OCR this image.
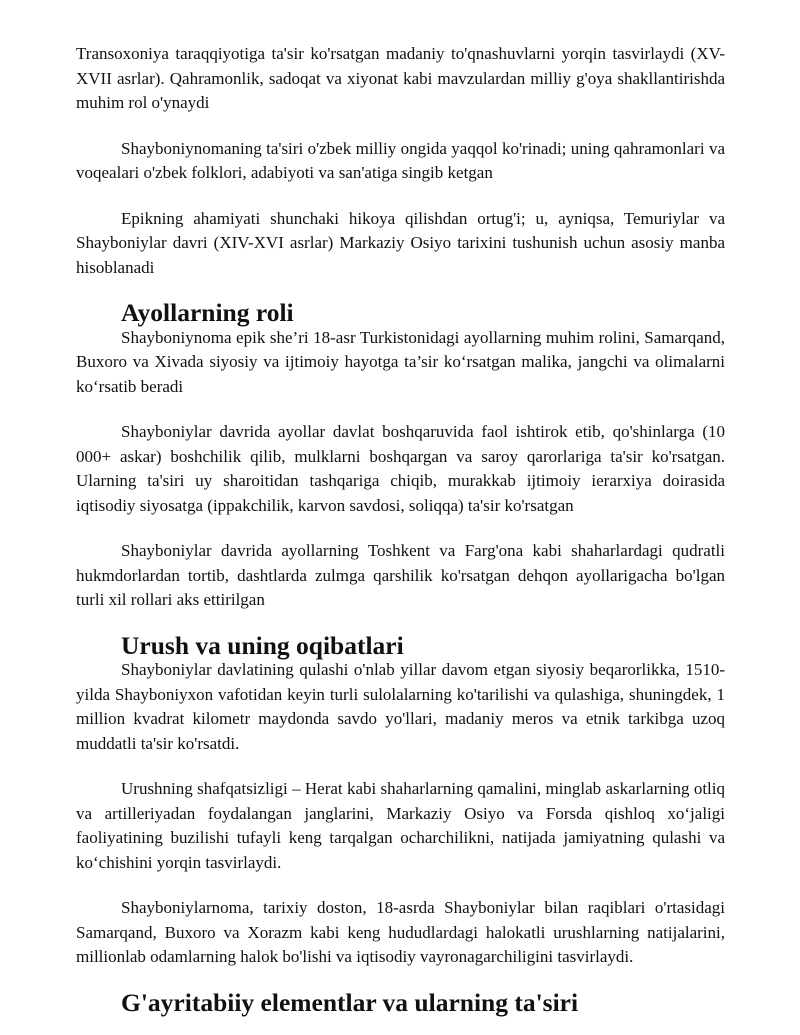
Transoxoniya taraqqiyotiga ta'sir ko'rsatgan madaniy to'qnashuvlarni yorqin tasvirlaydi (XV-XVII asrlar). Qahramonlik, sadoqat va xiyonat kabi mavzulardan milliy g'oya shakllantirishda muhim rol o'ynaydi

Shayboniynomaning ta'siri o'zbek milliy ongida yaqqol ko'rinadi; uning qahramonlari va voqealari o'zbek folklori, adabiyoti va san'atiga singib ketgan

Epikning ahamiyati shunchaki hikoya qilishdan ortug'i; u, ayniqsa, Temuriylar va Shayboniylar davri (XIV-XVI asrlar) Markaziy Osiyo tarixini tushunish uchun asosiy manba hisoblanadi

Ayollarning roli

Shayboniynoma epik she’ri 18-asr Turkistonidagi ayollarning muhim rolini, Samarqand, Buxoro va Xivada siyosiy va ijtimoiy hayotga ta’sir ko‘rsatgan malika, jangchi va olimalarni ko‘rsatib beradi

Shayboniylar davrida ayollar davlat boshqaruvida faol ishtirok etib, qo'shinlarga (10 000+ askar) boshchilik qilib, mulklarni boshqargan va saroy qarorlariga ta'sir ko'rsatgan. Ularning ta'siri uy sharoitidan tashqariga chiqib, murakkab ijtimoiy ierarxiya doirasida iqtisodiy siyosatga (ippakchilik, karvon savdosi, soliqqa) ta'sir ko'rsatgan

Shayboniylar davrida ayollarning Toshkent va Farg'ona kabi shaharlardagi qudratli hukmdorlardan tortib, dashtlarda zulmga qarshilik ko'rsatgan dehqon ayollarigacha bo'lgan turli xil rollari aks ettirilgan

Urush va uning oqibatlari

Shayboniylar davlatining qulashi o'nlab yillar davom etgan siyosiy beqarorlikka, 1510-yilda Shayboniyxon vafotidan keyin turli sulolalarning ko'tarilishi va qulashiga, shuningdek, 1 million kvadrat kilometr maydonda savdo yo'llari, madaniy meros va etnik tarkibga uzoq muddatli ta'sir ko'rsatdi.

Urushning shafqatsizligi – Herat kabi shaharlarning qamalini, minglab askarlarning otliq va artilleriyadan foydalangan janglarini, Markaziy Osiyo va Forsda qishloq xo‘jaligi faoliyatining buzilishi tufayli keng tarqalgan ocharchilikni, natijada jamiyatning qulashi va ko‘chishini yorqin tasvirlaydi.

Shayboniylarnoma, tarixiy doston, 18-asrda Shayboniylar bilan raqiblari o'rtasidagi Samarqand, Buxoro va Xorazm kabi keng hududlardagi halokatli urushlarning natijalarini, millionlab odamlarning halok bo'lishi va iqtisodiy vayronagarchiligini tasvirlaydi.

G'ayritabiiy elementlar va ularning ta'siri
